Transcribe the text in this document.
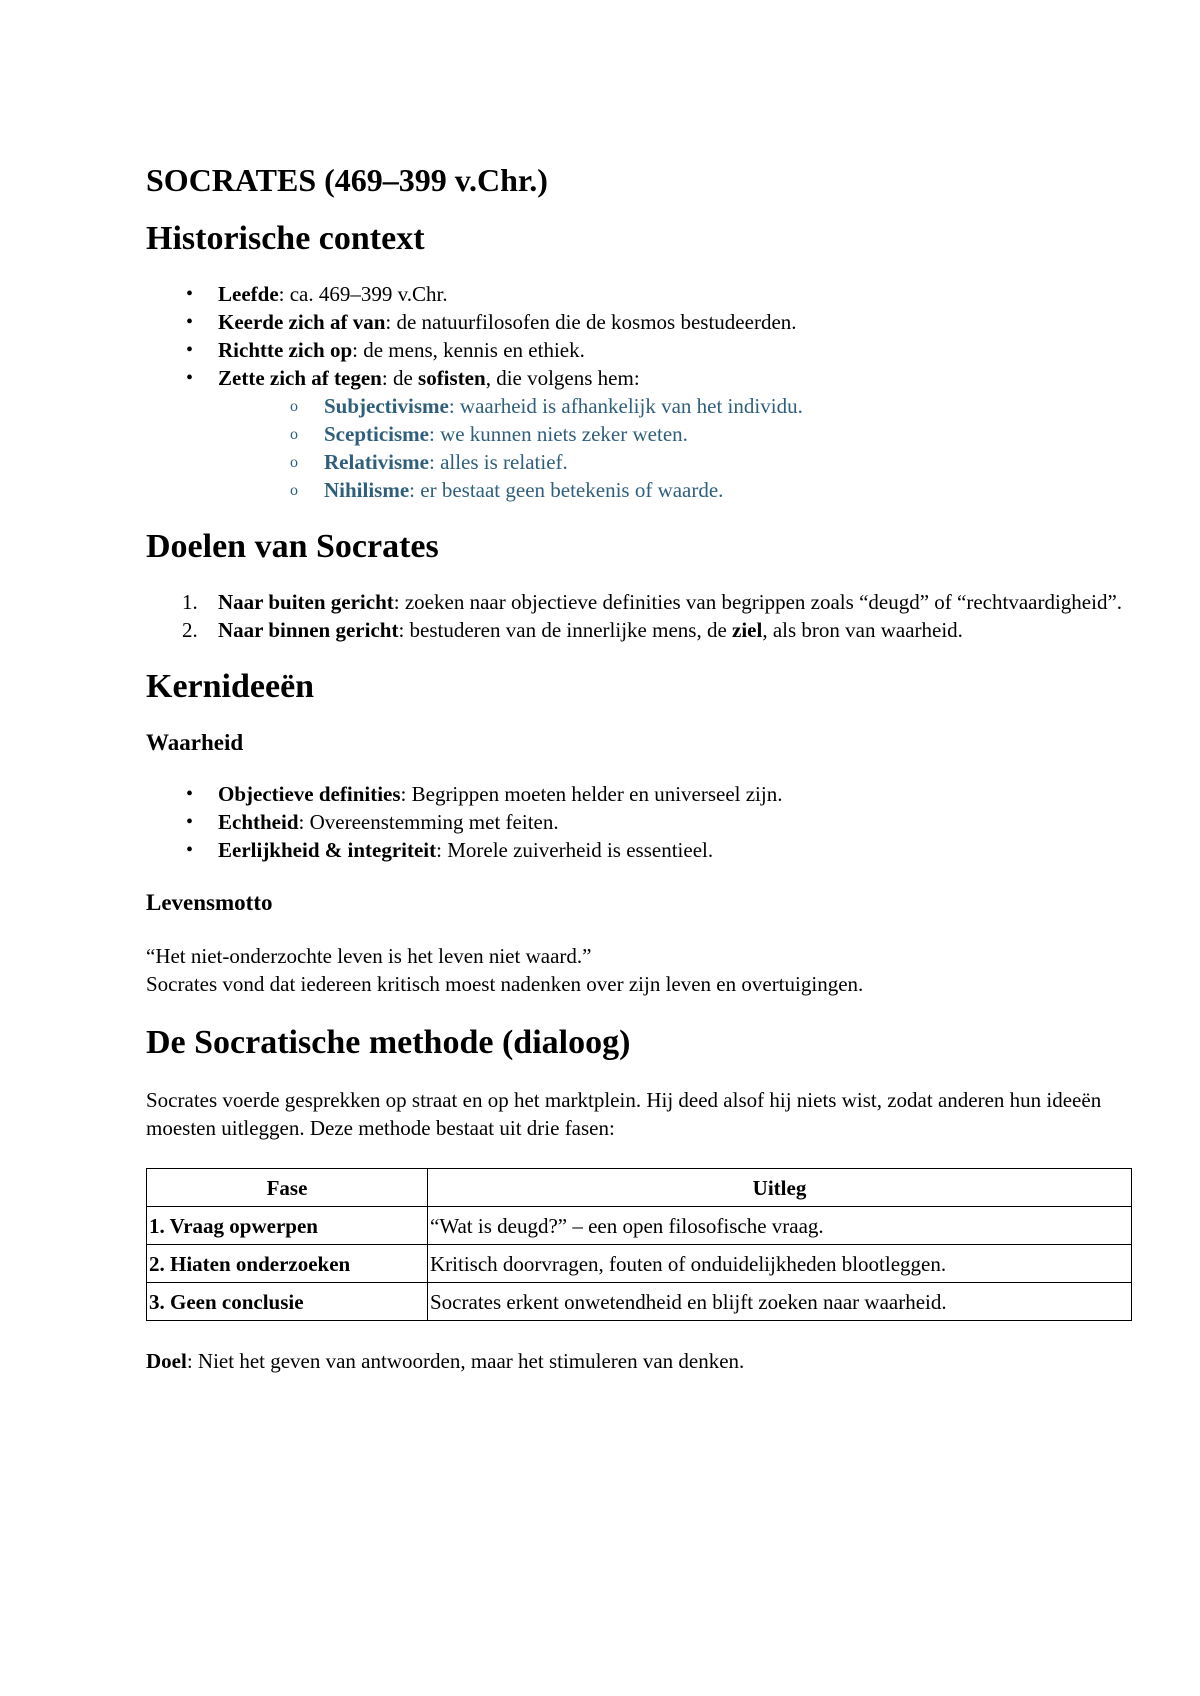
SOCRATES (469–399 v.Chr.)
Historische context
• Leefde: ca. 469–399 v.Chr.
• Keerde zich af van: de natuurfilosofen die de kosmos bestudeerden.
• Richtte zich op: de mens, kennis en ethiek.
• Zette zich af tegen: de sofisten, die volgens hem:
o Subjectivisme: waarheid is afhankelijk van het individu.
o Scepticisme: we kunnen niets zeker weten.
o Relativisme: alles is relatief.
o Nihilisme: er bestaat geen betekenis of waarde.
Doelen van Socrates
1. Naar buiten gericht: zoeken naar objectieve definities van begrippen zoals “deugd” of “rechtvaardigheid”.
2. Naar binnen gericht: bestuderen van de innerlijke mens, de ziel, als bron van waarheid.
Kernideeën
Waarheid
• Objectieve definities: Begrippen moeten helder en universeel zijn.
• Echtheid: Overeenstemming met feiten.
• Eerlijkheid & integriteit: Morele zuiverheid is essentieel.
Levensmotto

“Het niet-onderzochte leven is het leven niet waard.”

Socrates vond dat iedereen kritisch moest nadenken over zijn leven en overtuigingen.

De Socratische methode (dialoog)

Socrates voerde gesprekken op straat en op het marktplein. Hij deed alsof hij niets wist, zodat anderen hun ideeën moesten uitleggen. Deze methode bestaat uit drie fasen:

Fase	Uitleg
1. Vraag opwerpen	“Wat is deugd?” – een open filosofische vraag.
2. Hiaten onderzoeken	Kritisch doorvragen, fouten of onduidelijkheden blootleggen.
3. Geen conclusie	Socrates erkent onwetendheid en blijft zoeken naar waarheid.

Doel: Niet het geven van antwoorden, maar het stimuleren van denken.
